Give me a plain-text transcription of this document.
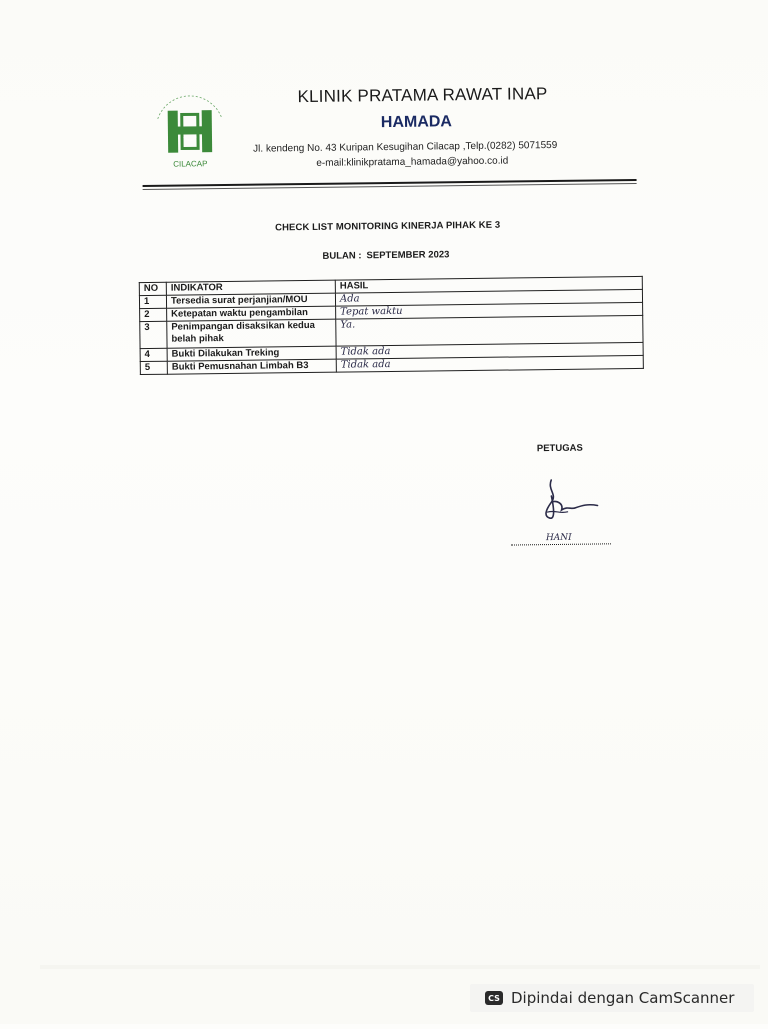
CILACAP
KLINIK PRATAMA RAWAT INAP
HAMADA
Jl. kendeng No. 43 Kuripan Kesugihan Cilacap ,Telp.(0282) 5071559
e-mail:klinikpratama_hamada@yahoo.co.id
CHECK LIST MONITORING KINERJA PIHAK KE 3
BULAN : SEPTEMBER 2023
NO	INDIKATOR	HASIL
1	Tersedia surat perjanjian/MOU	Ada
2	Ketepatan waktu pengambilan	Tepat waktu
3	Penimpangan disaksikan kedua belah pihak	Ya.
4	Bukti Dilakukan Treking	Tidak ada
5	Bukti Pemusnahan Limbah B3	Tidak ada
PETUGAS
HANI
CS Dipindai dengan CamScanner
